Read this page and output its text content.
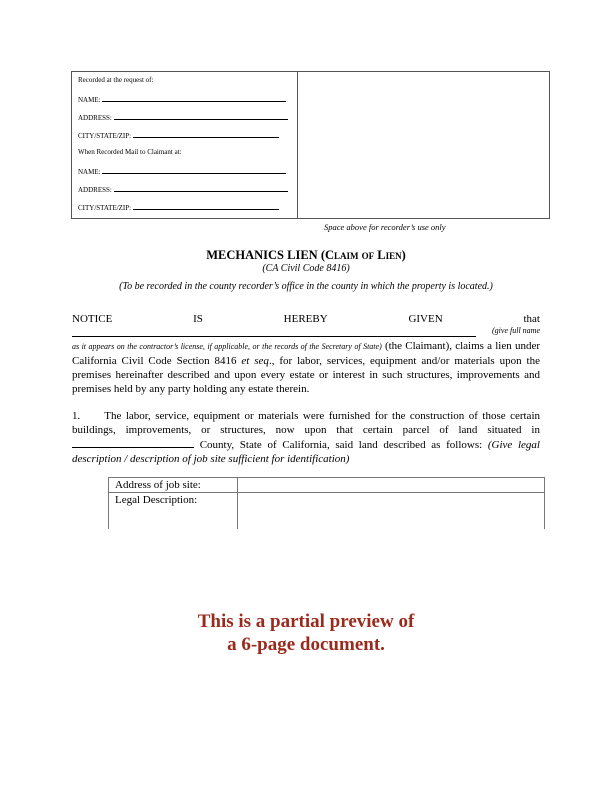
Recorded at the request of:
NAME:
ADDRESS:
CITY/STATE/ZIP:
When Recorded Mail to Claimant at:
NAME:
ADDRESS:
CITY/STATE/ZIP:
Space above for recorder’s use only
MECHANICS LIEN (Claim of Lien)
(CA Civil Code 8416)
(To be recorded in the county recorder’s office in the county in which the property is located.)
NOTICE	IS	HEREBY	GIVEN	that
(give full name
as it appears on the contractor’s license, if applicable, or the records of the Secretary of State) (the Claimant), claims a lien under California Civil Code Section 8416 et seq., for labor, services, equipment and/or materials upon the premises hereinafter described and upon every estate or interest in such structures, improvements and premises held by any party holding any estate therein.
1. The labor, service, equipment or materials were furnished for the construction of those certain buildings, improvements, or structures, now upon that certain parcel of land situated in  County, State of California, said land described as follows: (Give legal description / description of job site sufficient for identification)
Address of job site:	
Legal Description:	
This is a partial preview of
a 6-page document.
